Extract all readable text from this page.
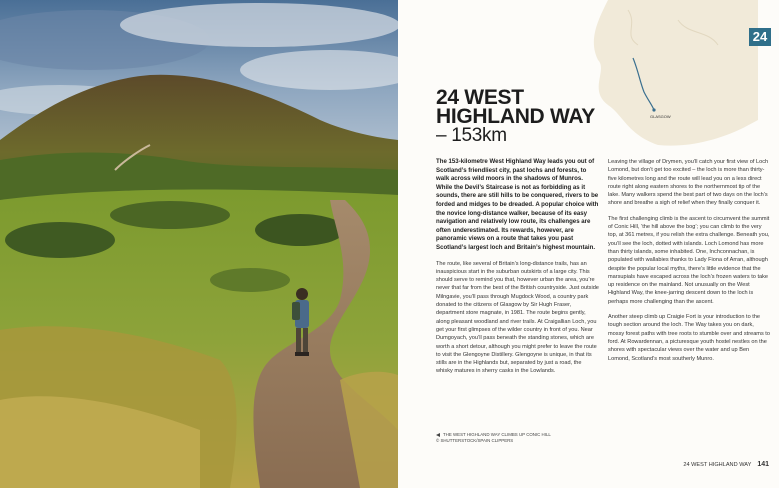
GLASGOW
24
24 WEST
HIGHLAND WAY
– 153km

The 153-kilometre West Highland Way leads you out of Scotland’s friendliest city, past lochs and forests, to walk across wild moors in the shadows of Munros. While the Devil’s Staircase is not as forbidding as it sounds, there are still hills to be conquered, rivers to be forded and midges to be dreaded. A popular choice with the novice long-distance walker, because of its easy navigation and relatively low route, its challenges are often underestimated. Its rewards, however, are panoramic views on a route that takes you past Scotland’s largest loch and Britain’s highest mountain.

The route, like several of Britain’s long-distance trails, has an inauspicious start in the suburban outskirts of a large city. This should serve to remind you that, however urban the area, you’re never that far from the best of the British countryside. Just outside Milngavie, you’ll pass through Mugdock Wood, a country park donated to the citizens of Glasgow by Sir Hugh Fraser, department store magnate, in 1981. The route begins gently, along pleasant woodland and river trails. At Craigallian Loch, you get your first glimpses of the wilder country in front of you. Near Dumgoyach, you’ll pass beneath the standing stones, which are worth a short detour, although you might prefer to leave the route to visit the Glengoyne Distillery. Glengoyne is unique, in that its stills are in the Highlands but, separated by just a road, the whisky matures in sherry casks in the Lowlands.

Leaving the village of Drymen, you’ll catch your first view of Loch Lomond, but don’t get too excited – the loch is more than thirty-five kilometres long and the route will lead you on a less direct route right along eastern shores to the northernmost tip of the lake. Many walkers spend the best part of two days on the loch’s shore and breathe a sigh of relief when they finally conquer it.

The first challenging climb is the ascent to circumvent the summit of Conic Hill, ‘the hill above the bog’; you can climb to the very top, at 361 metres, if you relish the extra challenge. Beneath you, you’ll see the loch, dotted with islands. Loch Lomond has more than thirty islands, some inhabited. One, Inchconnachan, is populated with wallabies thanks to Lady Fiona of Arran, although despite the popular local myths, there’s little evidence that the marsupials have escaped across the loch’s frozen waters to take up residence on the mainland. Not unusually on the West Highland Way, the knee-jarring descent down to the loch is perhaps more challenging than the ascent.

Another steep climb up Craigie Fort is your introduction to the tough section around the loch. The Way takes you on dark, mossy forest paths with tree roots to stumble over and streams to ford. At Rowardennan, a picturesque youth hostel nestles on the shores with spectacular views over the water and up Ben Lomond, Scotland’s most southerly Munro.

THE WEST HIGHLAND WAY CLIMBS UP CONIC HILL
© SHUTTERSTOCK/SPAIN CLIPPERS
24 WEST HIGHLAND WAY 141
